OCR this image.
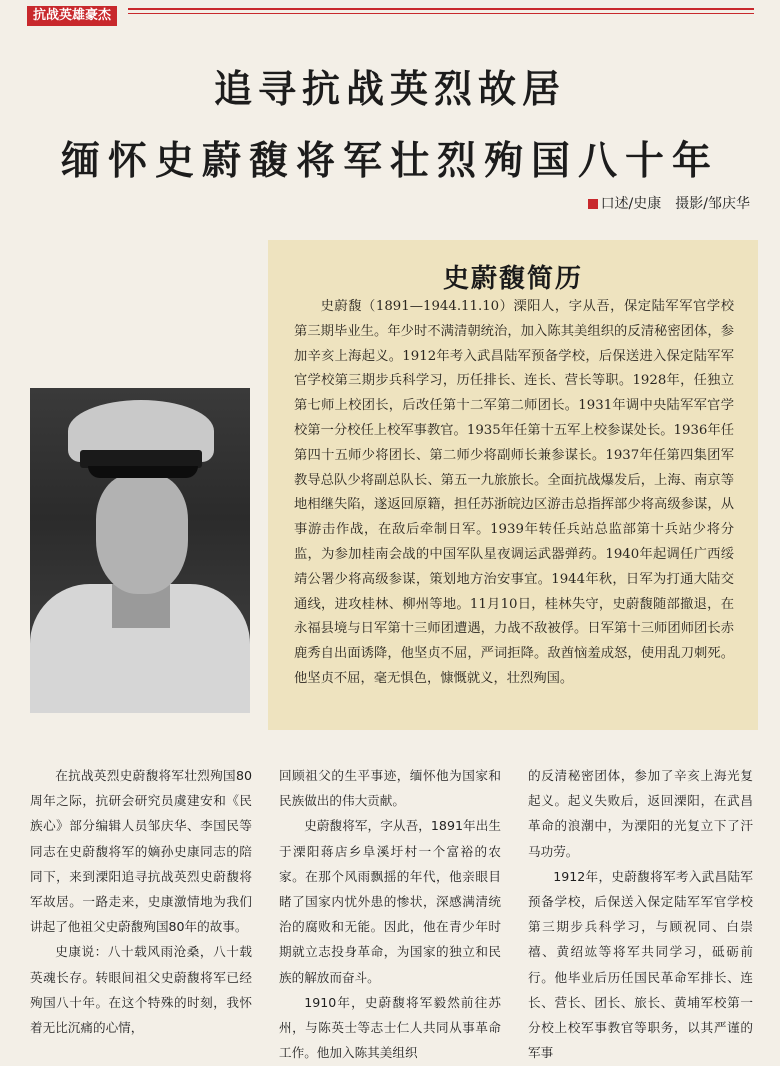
抗战英雄豪杰
追寻抗战英烈故居
缅怀史蔚馥将军壮烈殉国八十年
口述/史康　摄影/邹庆华
史蔚馥简历
史蔚馥（1891—1944.11.10）溧阳人，字从吾，保定陆军军官学校第三期毕业生。年少时不满清朝统治，加入陈其美组织的反清秘密团体，参加辛亥上海起义。1912年考入武昌陆军预备学校，后保送进入保定陆军军官学校第三期步兵科学习，历任排长、连长、营长等职。1928年，任独立第七师上校团长，后改任第十二军第二师团长。1931年调中央陆军军官学校第一分校任上校军事教官。1935年任第十五军上校参谋处长。1936年任第四十五师少将团长、第二师少将副师长兼参谋长。1937年任第四集团军教导总队少将副总队长、第五一九旅旅长。全面抗战爆发后，上海、南京等地相继失陷，遂返回原籍，担任苏浙皖边区游击总指挥部少将高级参谋，从事游击作战，在敌后牵制日军。1939年转任兵站总监部第十兵站少将分监，为参加桂南会战的中国军队星夜调运武器弹药。1940年起调任广西绥靖公署少将高级参谋，策划地方治安事宜。1944年秋，日军为打通大陆交通线，进攻桂林、柳州等地。11月10日，桂林失守，史蔚馥随部撤退，在永福县境与日军第十三师团遭遇，力战不敌被俘。日军第十三师团师团长赤鹿秀自出面诱降，他坚贞不屈，严词拒降。敌酋恼羞成怒，使用乱刀刺死。他坚贞不屈，毫无惧色，慷慨就义，壮烈殉国。

在抗战英烈史蔚馥将军壮烈殉国80周年之际，抗研会研究员虞建安和《民族心》部分编辑人员邹庆华、李国民等同志在史蔚馥将军的嫡孙史康同志的陪同下，来到溧阳追寻抗战英烈史蔚馥将军故居。一路走来，史康激情地为我们讲起了他祖父史蔚馥殉国80年的故事。

史康说：八十载风雨沧桑，八十载英魂长存。转眼间祖父史蔚馥将军已经殉国八十年。在这个特殊的时刻，我怀着无比沉痛的心情，

回顾祖父的生平事迹，缅怀他为国家和民族做出的伟大贡献。

史蔚馥将军，字从吾，1891年出生于溧阳蒋店乡阜溪圩村一个富裕的农家。在那个风雨飘摇的年代，他亲眼目睹了国家内忧外患的惨状，深感满清统治的腐败和无能。因此，他在青少年时期就立志投身革命，为国家的独立和民族的解放而奋斗。

1910年，史蔚馥将军毅然前往苏州，与陈英士等志士仁人共同从事革命工作。他加入陈其美组织

的反清秘密团体，参加了辛亥上海光复起义。起义失败后，返回溧阳，在武昌革命的浪潮中，为溧阳的光复立下了汗马功劳。

1912年，史蔚馥将军考入武昌陆军预备学校，后保送入保定陆军军官学校第三期步兵科学习，与顾祝同、白崇禧、黄绍竑等将军共同学习，砥砺前行。他毕业后历任国民革命军排长、连长、营长、团长、旅长、黄埔军校第一分校上校军事教官等职务，以其严谨的军事
